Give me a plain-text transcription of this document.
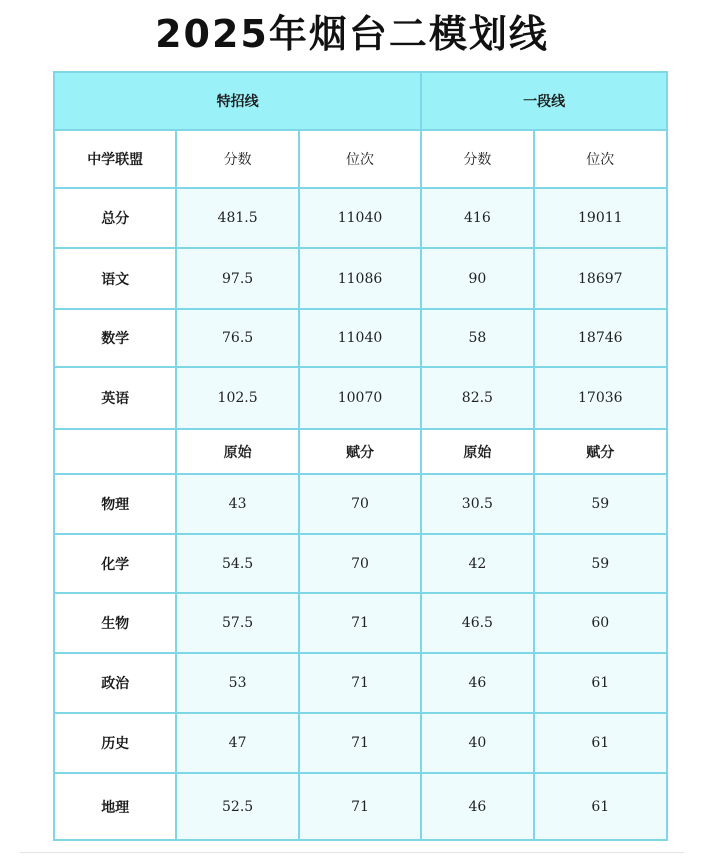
2025年烟台二模划线
特招线			一段线	
中学联盟	分数	位次	分数	位次
总分	481.5	11040	416	19011
语文	97.5	11086	90	18697
数学	76.5	11040	58	18746
英语	102.5	10070	82.5	17036
	原始	赋分	原始	赋分
物理	43	70	30.5	59
化学	54.5	70	42	59
生物	57.5	71	46.5	60
政治	53	71	46	61
历史	47	71	40	61
地理	52.5	71	46	61
